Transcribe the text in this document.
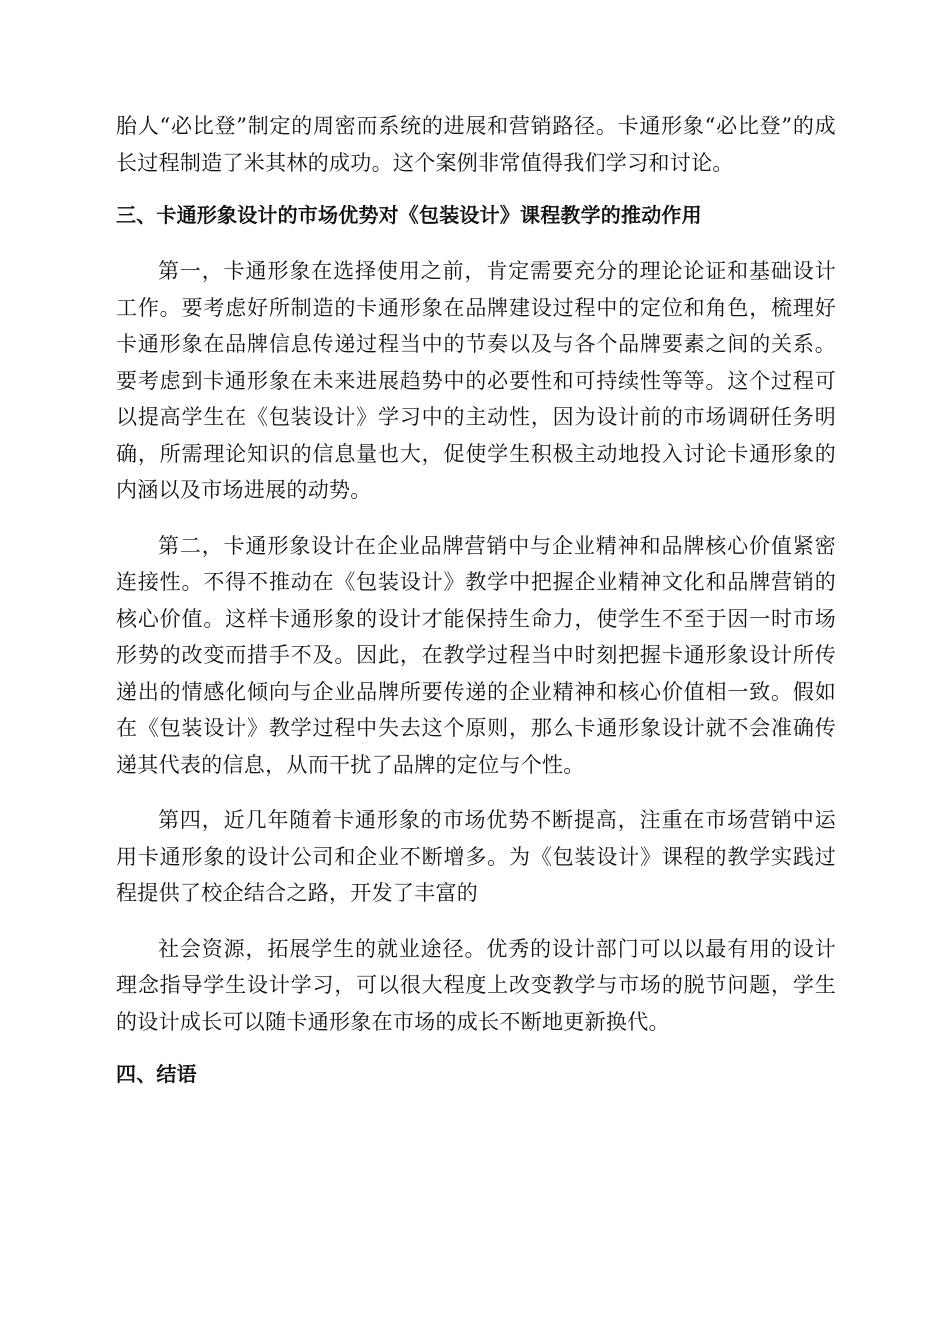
胎人“必比登”制定的周密而系统的进展和营销路径。卡通形象“必比登”的成长过程制造了米其林的成功。这个案例非常值得我们学习和讨论。

三、卡通形象设计的市场优势对《包装设计》课程教学的推动作用

第一，卡通形象在选择使用之前，肯定需要充分的理论论证和基础设计工作。要考虑好所制造的卡通形象在品牌建设过程中的定位和角色，梳理好卡通形象在品牌信息传递过程当中的节奏以及与各个品牌要素之间的关系。要考虑到卡通形象在未来进展趋势中的必要性和可持续性等等。这个过程可以提高学生在《包装设计》学习中的主动性，因为设计前的市场调研任务明确，所需理论知识的信息量也大，促使学生积极主动地投入讨论卡通形象的内涵以及市场进展的动势。

第二，卡通形象设计在企业品牌营销中与企业精神和品牌核心价值紧密连接性。不得不推动在《包装设计》教学中把握企业精神文化和品牌营销的核心价值。这样卡通形象的设计才能保持生命力，使学生不至于因一时市场形势的改变而措手不及。因此，在教学过程当中时刻把握卡通形象设计所传递出的情感化倾向与企业品牌所要传递的企业精神和核心价值相一致。假如在《包装设计》教学过程中失去这个原则，那么卡通形象设计就不会准确传递其代表的信息，从而干扰了品牌的定位与个性。

第四，近几年随着卡通形象的市场优势不断提高，注重在市场营销中运用卡通形象的设计公司和企业不断增多。为《包装设计》课程的教学实践过程提供了校企结合之路，开发了丰富的

社会资源，拓展学生的就业途径。优秀的设计部门可以以最有用的设计理念指导学生设计学习，可以很大程度上改变教学与市场的脱节问题，学生的设计成长可以随卡通形象在市场的成长不断地更新换代。

四、结语
